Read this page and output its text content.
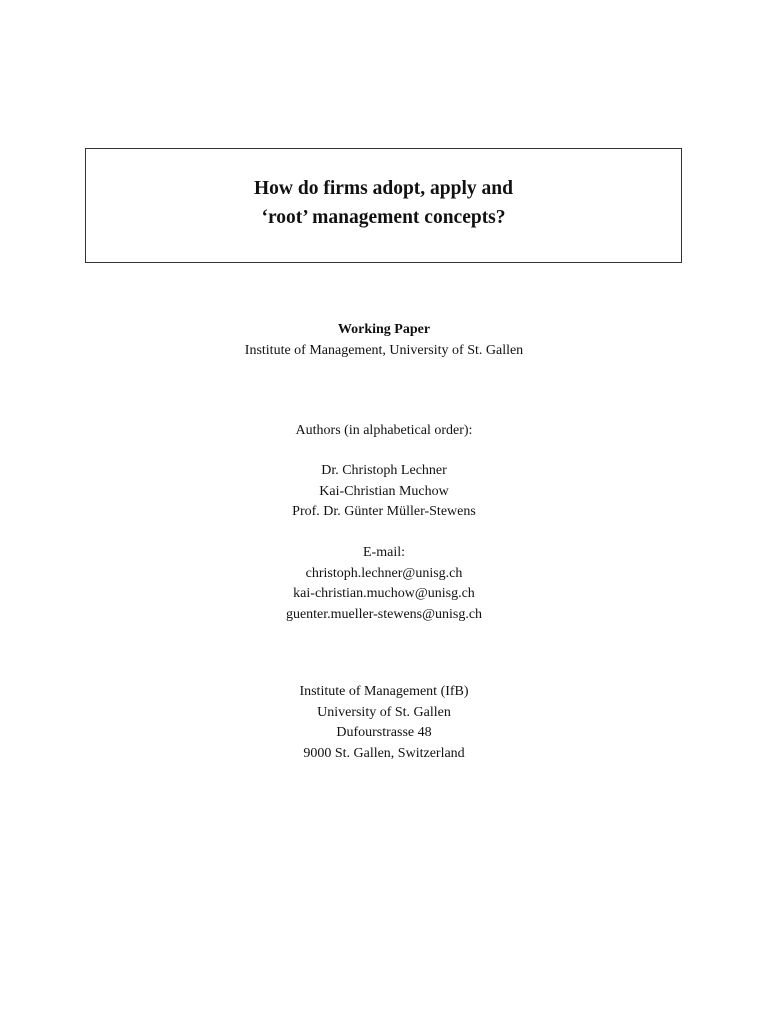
How do firms adopt, apply and
‘root’ management concepts?
Working Paper
Institute of Management, University of St. Gallen
Authors (in alphabetical order):
Dr. Christoph Lechner
Kai-Christian Muchow
Prof. Dr. Günter Müller-Stewens
E-mail:
christoph.lechner@unisg.ch
kai-christian.muchow@unisg.ch
guenter.mueller-stewens@unisg.ch
Institute of Management (IfB)
University of St. Gallen
Dufourstrasse 48
9000 St. Gallen, Switzerland
